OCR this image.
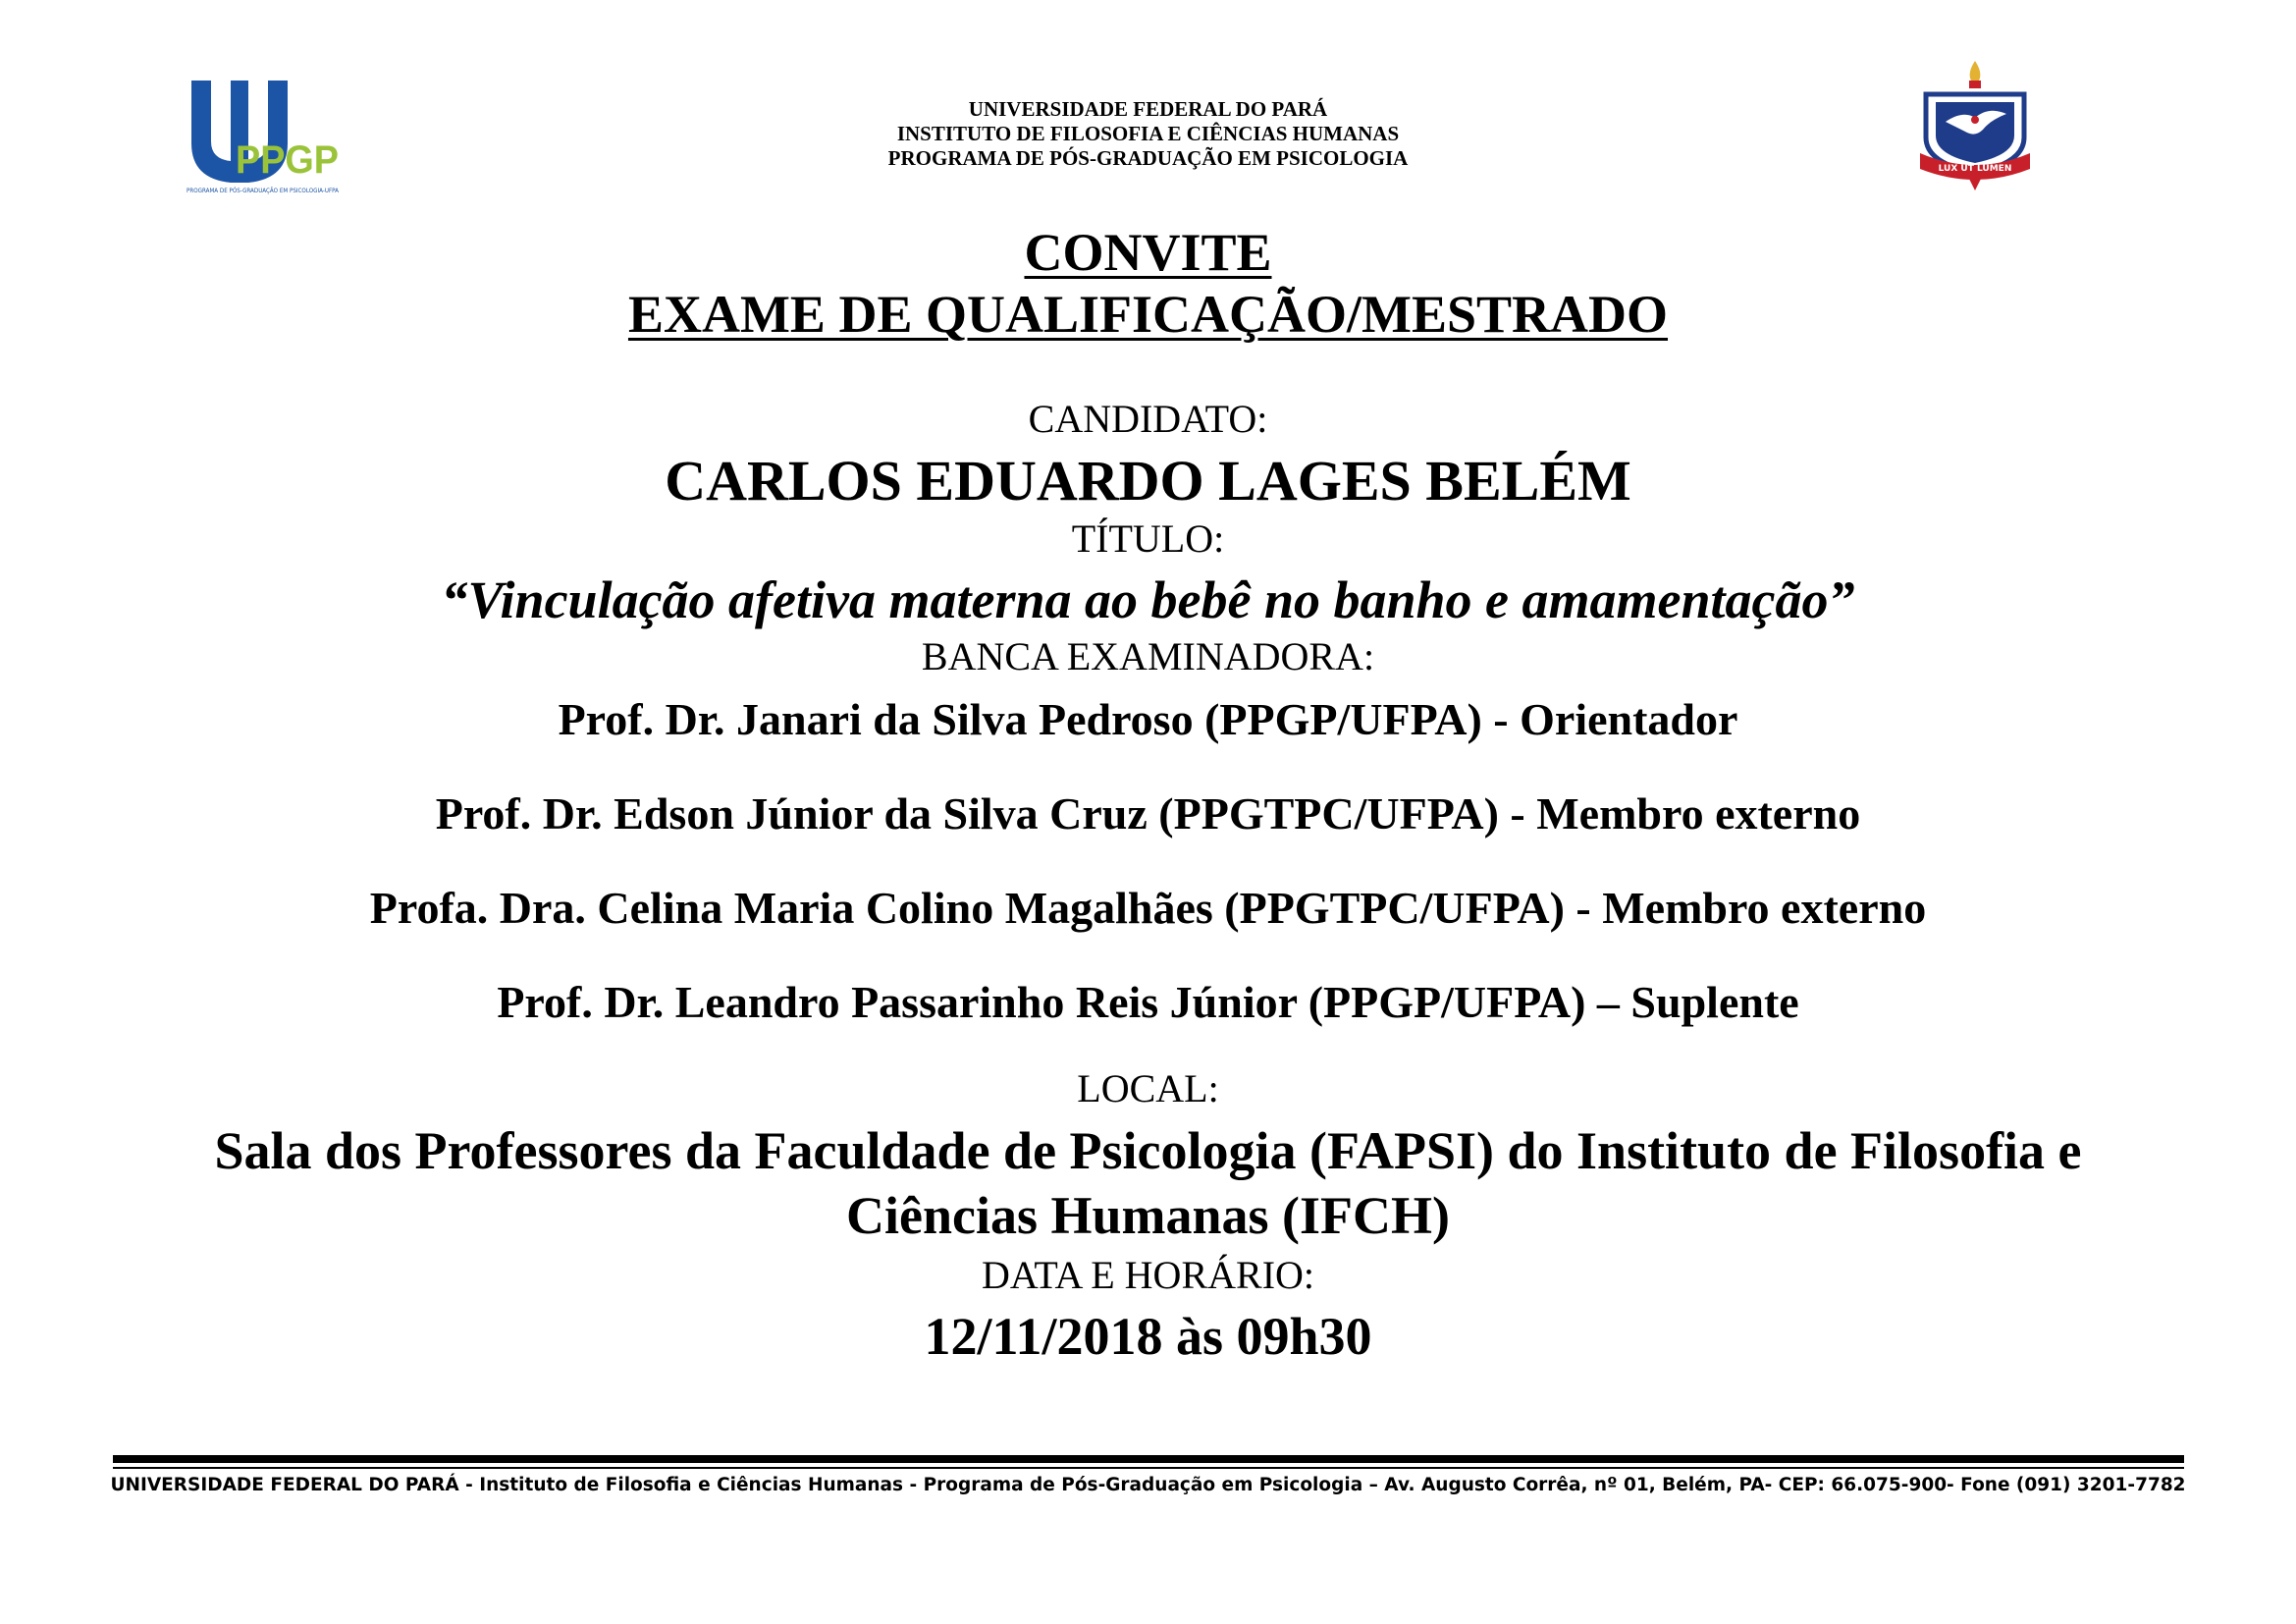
PPGP
PROGRAMA DE PÓS-GRADUAÇÃO EM PSICOLOGIA-UFPA
UNIVERSIDADE FEDERAL DO PARÁ
INSTITUTO DE FILOSOFIA E CIÊNCIAS HUMANAS
PROGRAMA DE PÓS-GRADUAÇÃO EM PSICOLOGIA	LUX UT LUMEN
CONVITE
EXAME DE QUALIFICAÇÃO/MESTRADO
CANDIDATO:
CARLOS EDUARDO LAGES BELÉM
TÍTULO:
“Vinculação afetiva materna ao bebê no banho e amamentação”
BANCA EXAMINADORA:
Prof. Dr. Janari da Silva Pedroso (PPGP/UFPA) - Orientador
Prof. Dr. Edson Júnior da Silva Cruz (PPGTPC/UFPA) - Membro externo
Profa. Dra. Celina Maria Colino Magalhães (PPGTPC/UFPA) - Membro externo
Prof. Dr. Leandro Passarinho Reis Júnior (PPGP/UFPA) – Suplente
LOCAL:
Sala dos Professores da Faculdade de Psicologia (FAPSI) do Instituto de Filosofia e
Ciências Humanas (IFCH)
DATA E HORÁRIO:
12/11/2018 às 09h30
UNIVERSIDADE FEDERAL DO PARÁ - Instituto de Filosofia e Ciências Humanas - Programa de Pós-Graduação em Psicologia – Av. Augusto Corrêa, nº 01, Belém, PA- CEP: 66.075-900- Fone (091) 3201-7782
